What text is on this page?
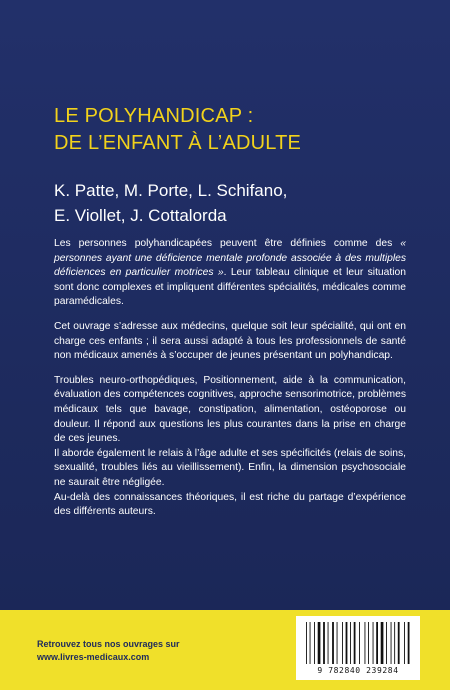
LE POLYHANDICAP :
DE L’ENFANT À L’ADULTE
K. Patte, M. Porte, L. Schifano,
E. Viollet, J. Cottalorda

Les personnes polyhandicapées peuvent être définies comme des « personnes ayant une déficience mentale profonde associée à des multiples déficiences en particulier motrices ». Leur tableau clinique et leur situation sont donc complexes et impliquent différentes spécialités, médicales comme paramédicales.

Cet ouvrage s’adresse aux médecins, quelque soit leur spécialité, qui ont en charge ces enfants ; il sera aussi adapté à tous les professionnels de santé non médicaux amenés à s’occuper de jeunes présentant un polyhandicap.

Troubles neuro-orthopédiques, Positionnement, aide à la communication, évaluation des compétences cognitives, approche sensorimotrice, problèmes médicaux tels que bavage, constipation, alimentation, ostéoporose ou douleur. Il répond aux questions les plus courantes dans la prise en charge de ces jeunes.

Il aborde également le relais à l’âge adulte et ses spécificités (relais de soins, sexualité, troubles liés au vieillissement). Enfin, la dimension psychosociale ne saurait être négligée.

Au-delà des connaissances théoriques, il est riche du partage d’expérience des différents auteurs.

Retrouvez tous nos ouvrages sur
www.livres-medicaux.com
9 782840 239284
